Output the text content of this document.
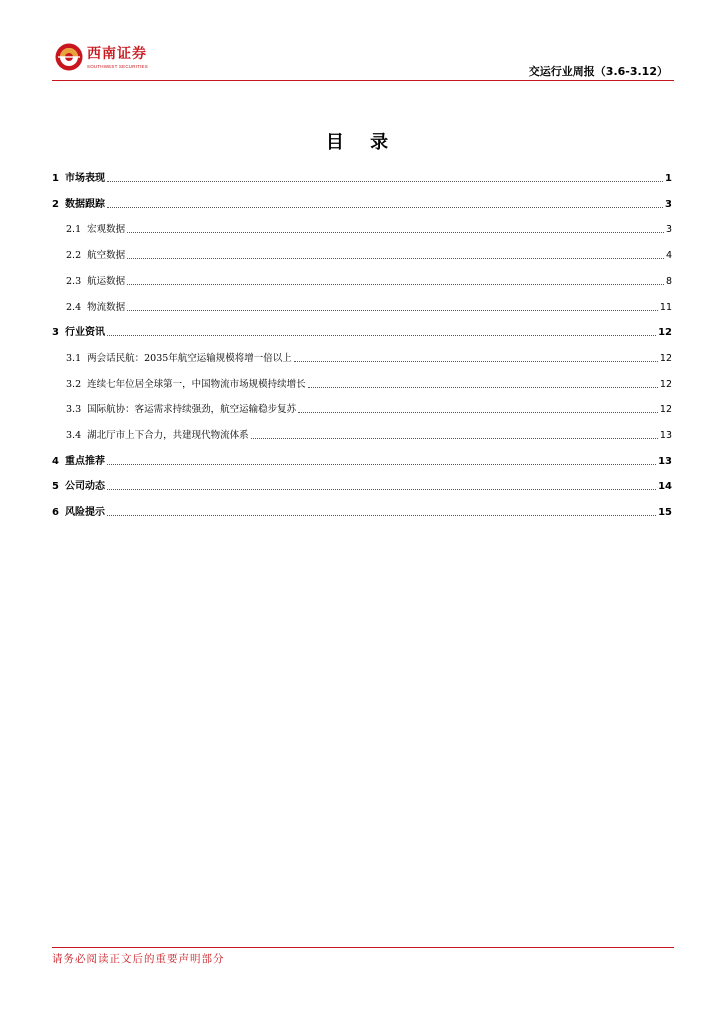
西南证券
SOUTHWEST SECURITIES	交运行业周报（3.6-3.12）
目 录
1 市场表现	1
2 数据跟踪	3
2.1 宏观数据	3
2.2 航空数据	4
2.3 航运数据	8
2.4 物流数据	11
3 行业资讯	12
3.1 两会话民航：2035年航空运输规模将增一倍以上	12
3.2 连续七年位居全球第一，中国物流市场规模持续增长	12
3.3 国际航协：客运需求持续强劲，航空运输稳步复苏	12
3.4 湖北厅市上下合力，共建现代物流体系	13
4 重点推荐	13
5 公司动态	14
6 风险提示	15
请务必阅读正文后的重要声明部分
